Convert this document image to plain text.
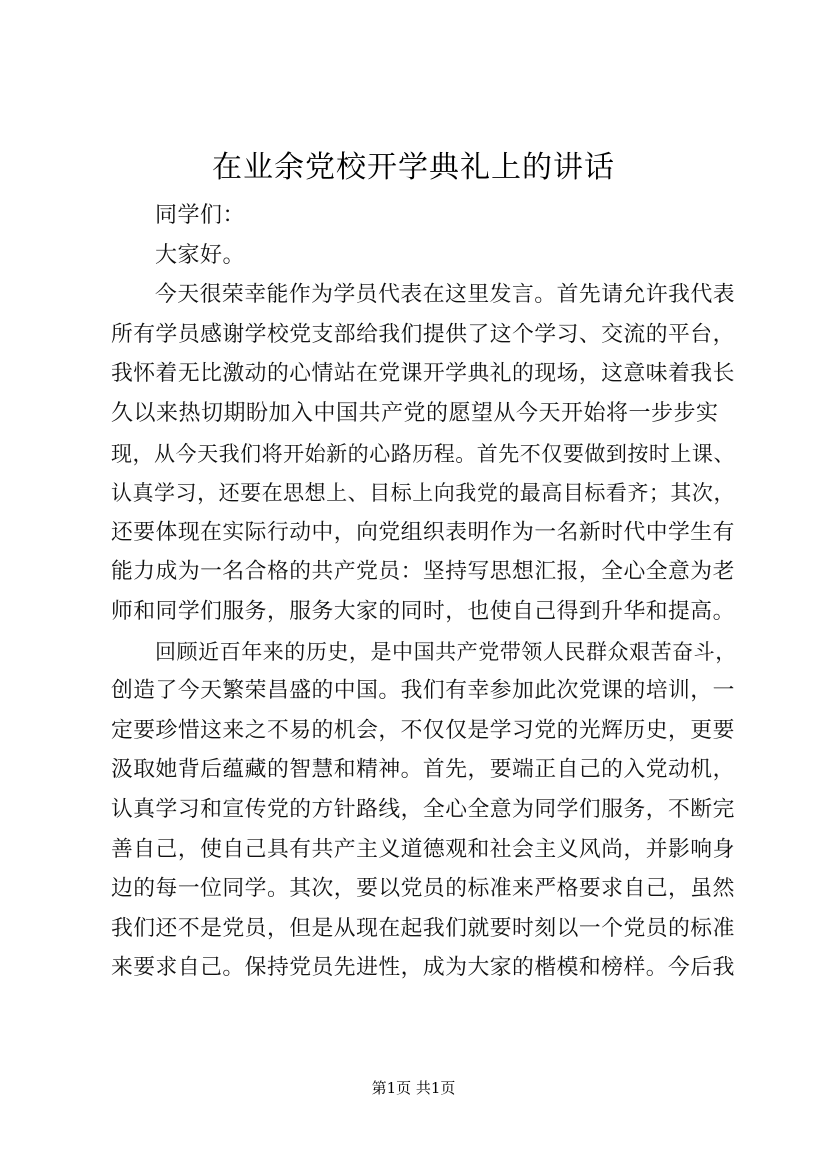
在业余党校开学典礼上的讲话
同学们：
大家好。
今天很荣幸能作为学员代表在这里发言。首先请允许我代表
所有学员感谢学校党支部给我们提供了这个学习、交流的平台，
我怀着无比激动的心情站在党课开学典礼的现场，这意味着我长
久以来热切期盼加入中国共产党的愿望从今天开始将一步步实
现，从今天我们将开始新的心路历程。首先不仅要做到按时上课、
认真学习，还要在思想上、目标上向我党的最高目标看齐；其次，
还要体现在实际行动中，向党组织表明作为一名新时代中学生有
能力成为一名合格的共产党员：坚持写思想汇报，全心全意为老
师和同学们服务，服务大家的同时，也使自己得到升华和提高。
回顾近百年来的历史，是中国共产党带领人民群众艰苦奋斗，
创造了今天繁荣昌盛的中国。我们有幸参加此次党课的培训，一
定要珍惜这来之不易的机会，不仅仅是学习党的光辉历史，更要
汲取她背后蕴藏的智慧和精神。首先，要端正自己的入党动机，
认真学习和宣传党的方针路线，全心全意为同学们服务，不断完
善自己，使自己具有共产主义道德观和社会主义风尚，并影响身
边的每一位同学。其次，要以党员的标准来严格要求自己，虽然
我们还不是党员，但是从现在起我们就要时刻以一个党员的标准
来要求自己。保持党员先进性，成为大家的楷模和榜样。今后我
第1页 共1页
